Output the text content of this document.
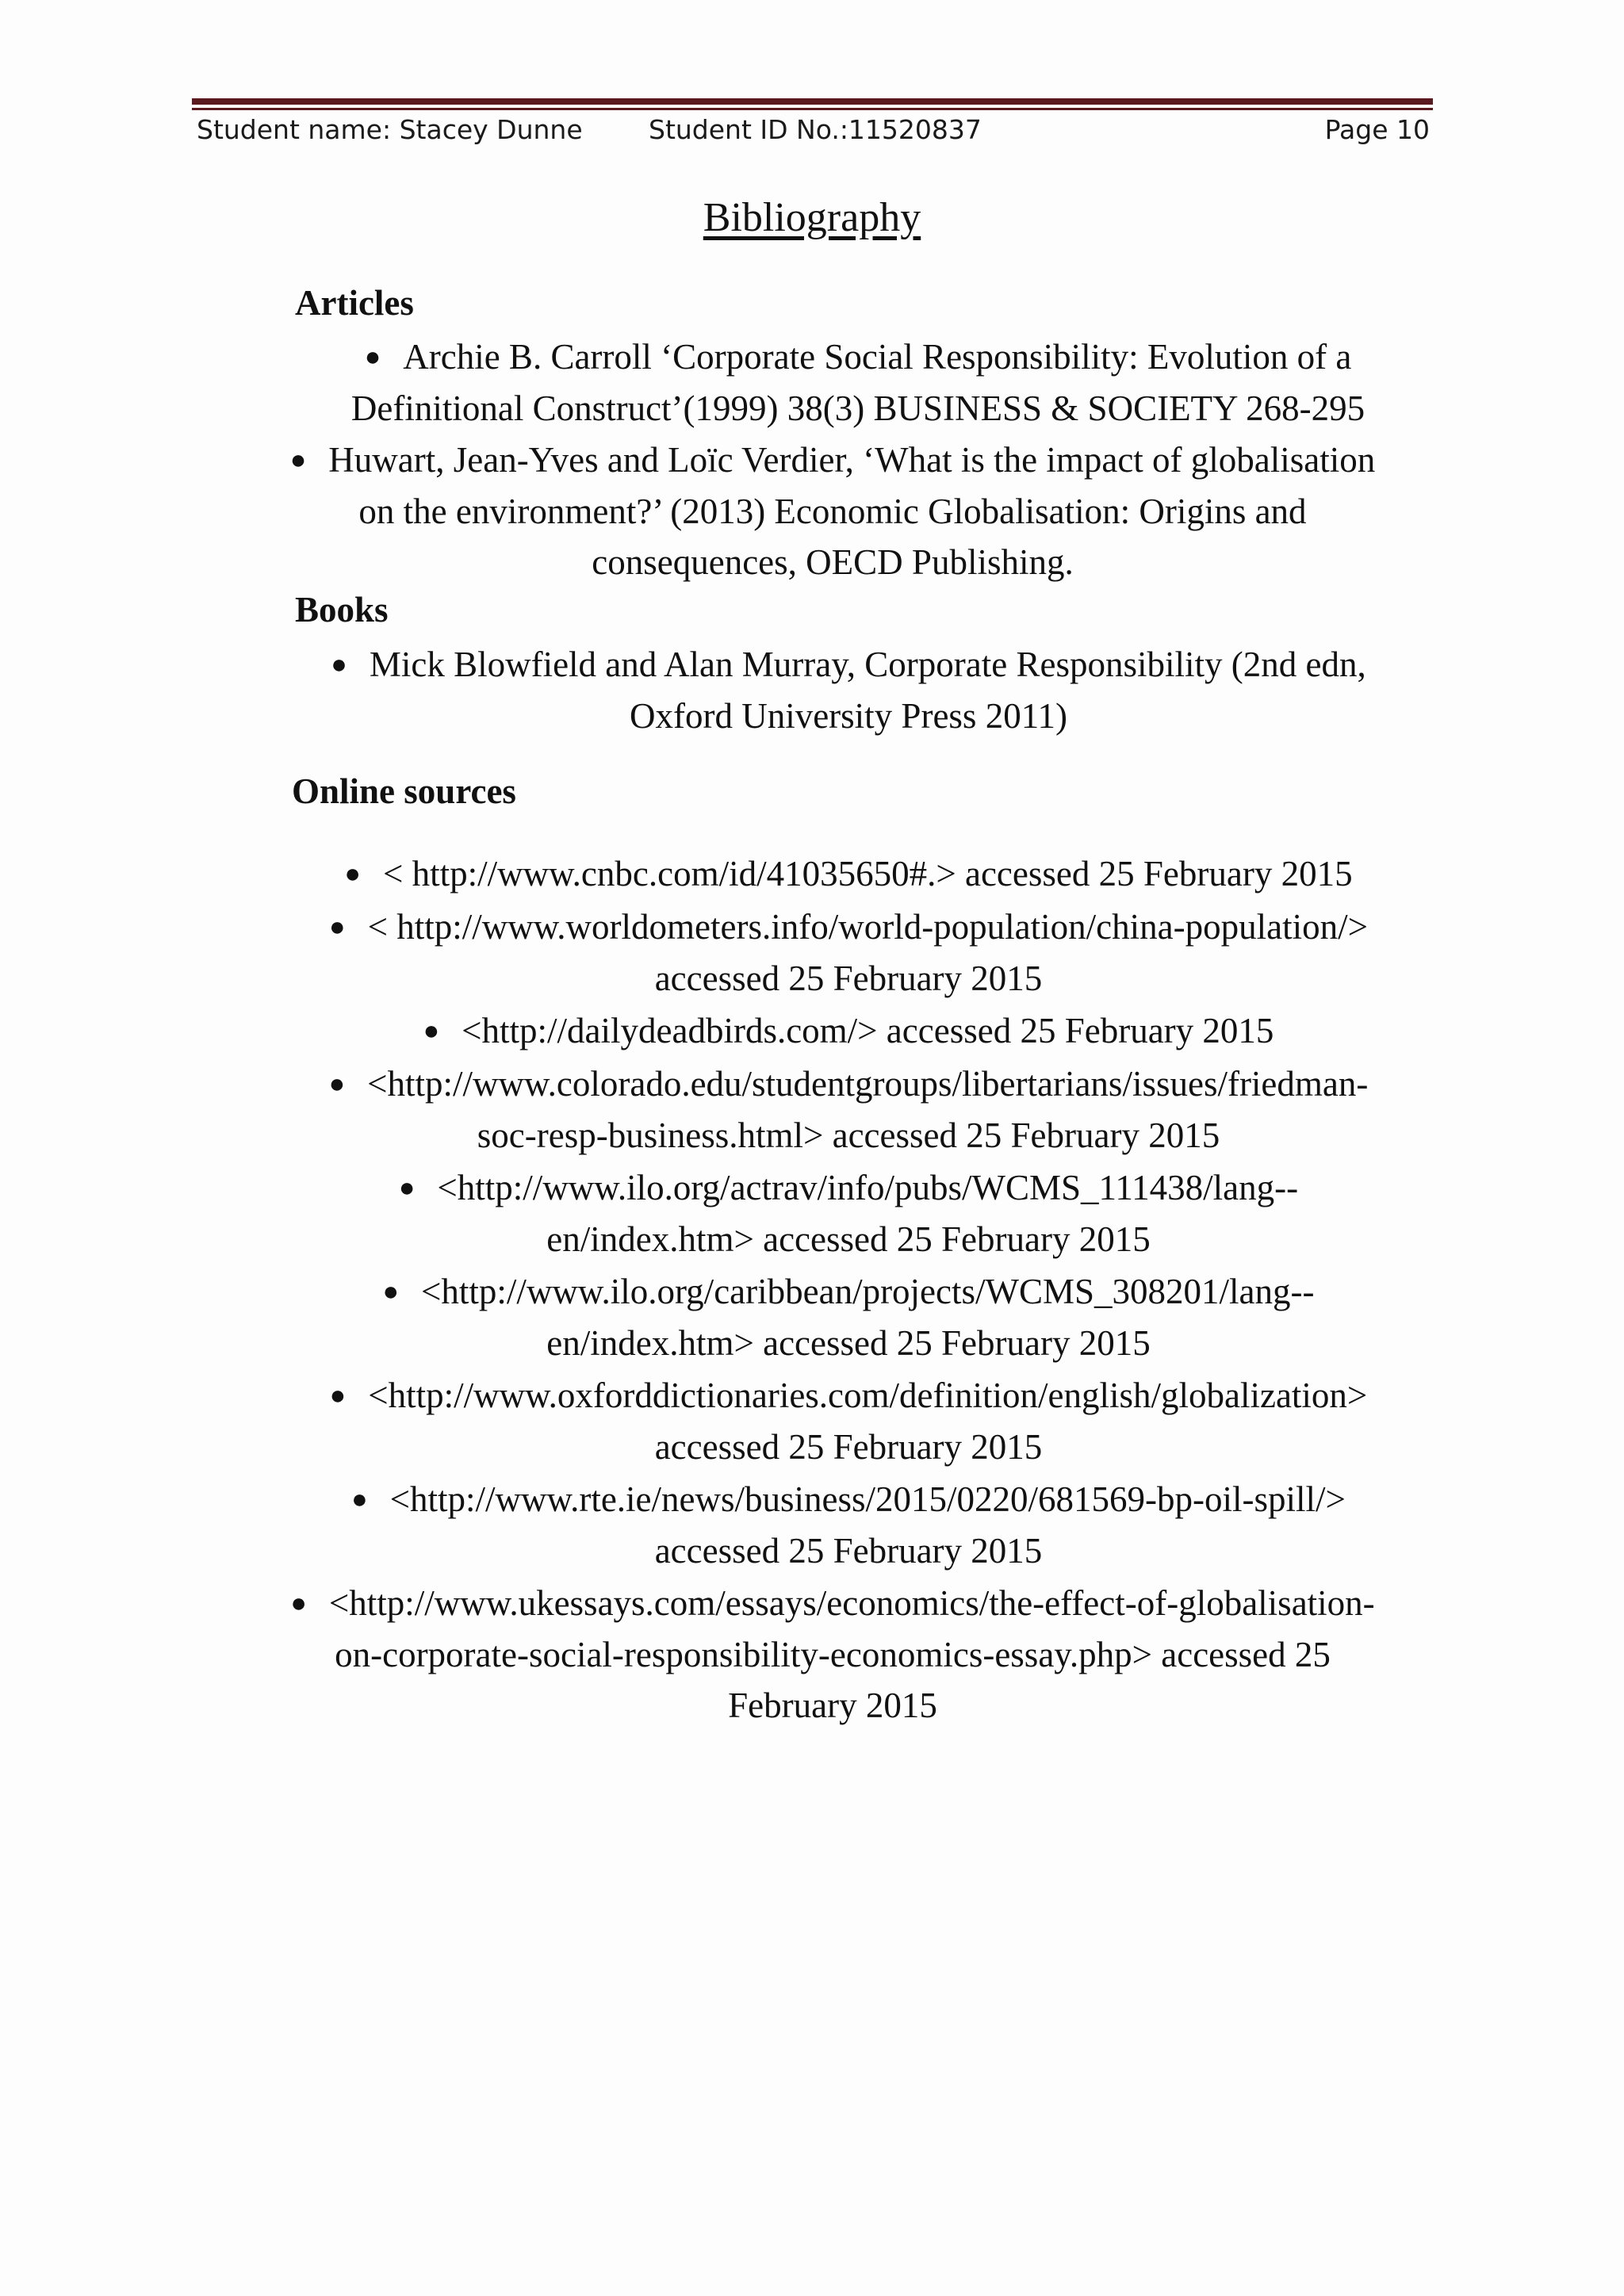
Student name: Stacey Dunne	Student ID No.:11520837	Page 10
Bibliography
Articles
● Archie B. Carroll ‘Corporate Social Responsibility: Evolution of a
Definitional Construct’(1999) 38(3) BUSINESS & SOCIETY 268-295
● Huwart, Jean-Yves and Loïc Verdier, ‘What is the impact of globalisation
on the environment?’ (2013) Economic Globalisation: Origins and
consequences, OECD Publishing.
Books
● Mick Blowfield and Alan Murray, Corporate Responsibility (2nd edn,
Oxford University Press 2011)
Online sources
● < http://www.cnbc.com/id/41035650#.> accessed 25 February 2015
● < http://www.worldometers.info/world-population/china-population/>
accessed 25 February 2015
● <http://dailydeadbirds.com/> accessed 25 February 2015
● <http://www.colorado.edu/studentgroups/libertarians/issues/friedman-
soc-resp-business.html> accessed 25 February 2015
● <http://www.ilo.org/actrav/info/pubs/WCMS_111438/lang--
en/index.htm> accessed 25 February 2015
● <http://www.ilo.org/caribbean/projects/WCMS_308201/lang--
en/index.htm> accessed 25 February 2015
● <http://www.oxforddictionaries.com/definition/english/globalization>
accessed 25 February 2015
● <http://www.rte.ie/news/business/2015/0220/681569-bp-oil-spill/>
accessed 25 February 2015
● <http://www.ukessays.com/essays/economics/the-effect-of-globalisation-
on-corporate-social-responsibility-economics-essay.php> accessed 25
February 2015
